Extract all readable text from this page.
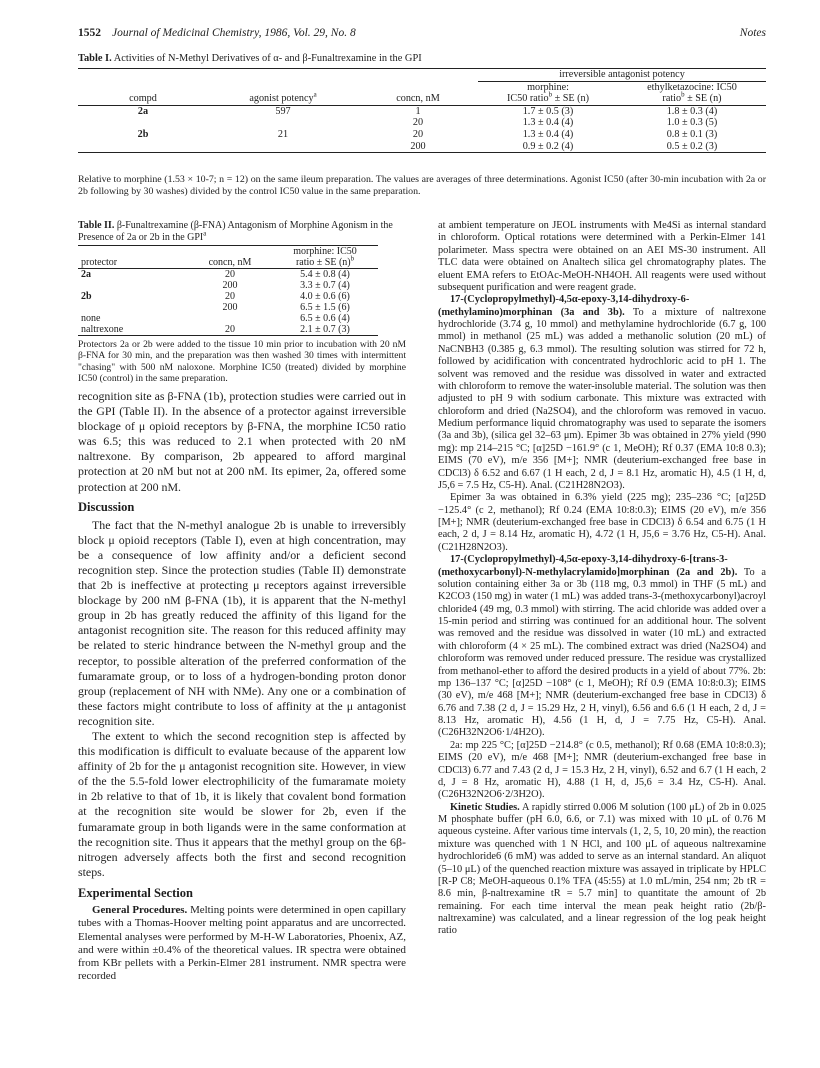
1552 Journal of Medicinal Chemistry, 1986, Vol. 29, No. 8	Notes
Table I. Activities of N-Methyl Derivatives of α- and β-Funaltrexamine in the GPI
			irreversible antagonist potency	
			morphine:	ethylketazocine: IC50
compd	agonist potency$^a$	concn, nM	IC50 ratio$^b$ ± SE (n)	ratio$^b$ ± SE (n)
2a	597	1	1.7 ± 0.5 (3)	1.8 ± 0.3 (4)
		20	1.3 ± 0.4 (4)	1.0 ± 0.3 (5)
2b	21	20	1.3 ± 0.4 (4)	0.8 ± 0.1 (3)
		200	0.9 ± 0.2 (4)	0.5 ± 0.2 (3)
Relative to morphine (1.53 × 10-7; n = 12) on the same ileum preparation. The values are averages of three determinations. Agonist IC50 (after 30-min incubation with 2a or 2b following by 30 washes) divided by the control IC50 value in the same preparation.
Table II. β-Funaltrexamine (β-FNA) Antagonism of Morphine Agonism in the Presence of 2a or 2b in the GPI$^a$
		morphine: IC50
protector	concn, nM	ratio ± SE $(n)^b$
2a	20	5.4 ± 0.8 (4)
	200	3.3 ± 0.7 (4)
2b	20	4.0 ± 0.6 (6)
	200	6.5 ± 1.5 (6)
none		6.5 ± 0.6 (4)
naltrexone	20	2.1 ± 0.7 (3)
Protectors 2a or 2b were added to the tissue 10 min prior to incubation with 20 nM β-FNA for 30 min, and the preparation was then washed 30 times with intermittent "chasing" with 500 nM naloxone. Morphine IC50 (treated) divided by morphine IC50 (control) in the same preparation.

recognition site as β-FNA (1b), protection studies were carried out in the GPI (Table II). In the absence of a protector against irreversible blockage of μ opioid receptors by β-FNA, the morphine IC50 ratio was 6.5; this was reduced to 2.1 when protected with 20 nM naltrexone. By comparison, 2b appeared to afford marginal protection at 20 nM but not at 200 nM. Its epimer, 2a, offered some protection at 200 nM.

Discussion

The fact that the N-methyl analogue 2b is unable to irreversibly block μ opioid receptors (Table I), even at high concentration, may be a consequence of low affinity and/or a deficient second recognition step. Since the protection studies (Table II) demonstrate that 2b is ineffective at protecting μ receptors against irreversible blockage by 200 nM β-FNA (1b), it is apparent that the N-methyl group in 2b has greatly reduced the affinity of this ligand for the antagonist recognition site. The reason for this reduced affinity may be related to steric hindrance between the N-methyl group and the receptor, to possible alteration of the preferred conformation of the fumaramate group, or to loss of a hydrogen-bonding proton donor group (replacement of NH with NMe). Any one or a combination of these factors might contribute to loss of affinity at the μ antagonist recognition site.

The extent to which the second recognition step is affected by this modification is difficult to evaluate because of the apparent low affinity of 2b for the μ antagonist recognition site. However, in view of the the 5.5-fold lower electrophilicity of the fumaramate moiety in 2b relative to that of 1b, it is likely that covalent bond formation at the recognition site would be slower for 2b, even if the fumaramate group in both ligands were in the same conformation at the recognition site. Thus it appears that the methyl group on the 6β-nitrogen adversely affects both the first and second recognition steps.

Experimental Section

General Procedures. Melting points were determined in open capillary tubes with a Thomas-Hoover melting point apparatus and are uncorrected. Elemental analyses were performed by M-H-W Laboratories, Phoenix, AZ, and were within ±0.4% of the theoretical values. IR spectra were obtained from KBr pellets with a Perkin-Elmer 281 instrument. NMR spectra were recorded

at ambient temperature on JEOL instruments with Me4Si as internal standard in chloroform. Optical rotations were determined with a Perkin-Elmer 141 polarimeter. Mass spectra were obtained on an AEI MS-30 instrument. All TLC data were obtained on Analtech silica gel chromatography plates. The eluent EMA refers to EtOAc-MeOH-NH4OH. All reagents were used without subsequent purification and were reagent grade.

17-(Cyclopropylmethyl)-4,5α-epoxy-3,14-dihydroxy-6-(methylamino)morphinan (3a and 3b). To a mixture of naltrexone hydrochloride (3.74 g, 10 mmol) and methylamine hydrochloride (6.7 g, 100 mmol) in methanol (25 mL) was added a methanolic solution (20 mL) of NaCNBH3 (0.385 g, 6.3 mmol). The resulting solution was stirred for 72 h, followed by acidification with concentrated hydrochloric acid to pH 1. The solvent was removed and the residue was dissolved in water and extracted with chloroform to remove the water-insoluble material. The solution was then adjusted to pH 9 with sodium carbonate. This mixture was extracted with chloroform and dried (Na2SO4), and the chloroform was removed in vacuo. Medium performance liquid chromatography was used to separate the isomers (3a and 3b), (silica gel 32–63 μm). Epimer 3b was obtained in 27% yield (990 mg): mp 214–215 °C; [α]25D −161.9° (c 1, MeOH); Rf 0.37 (EMA 10:8 0.3); EIMS (70 eV), m/e 356 [M+]; NMR (deuterium-exchanged free base in CDCl3) δ 6.52 and 6.67 (1 H each, 2 d, J = 8.1 Hz, aromatic H), 4.5 (1 H, d, J5,6 = 7.5 Hz, C5-H). Anal. (C21H28N2O3).

Epimer 3a was obtained in 6.3% yield (225 mg); 235–236 °C; [α]25D −125.4° (c 2, methanol); Rf 0.24 (EMA 10:8:0.3); EIMS (20 eV), m/e 356 [M+]; NMR (deuterium-exchanged free base in CDCl3) δ 6.54 and 6.75 (1 H each, 2 d, J = 8.14 Hz, aromatic H), 4.72 (1 H, J5,6 = 3.76 Hz, C5-H). Anal. (C21H28N2O3).

17-(Cyclopropylmethyl)-4,5α-epoxy-3,14-dihydroxy-6-[trans-3-(methoxycarbonyl)-N-methylacrylamido]morphinan (2a and 2b). To a solution containing either 3a or 3b (118 mg, 0.3 mmol) in THF (5 mL) and K2CO3 (150 mg) in water (1 mL) was added trans-3-(methoxycarbonyl)acroyl chloride4 (49 mg, 0.3 mmol) with stirring. The acid chloride was added over a 15-min period and stirring was continued for an additional hour. The solvent was removed and the residue was dissolved in water (10 mL) and extracted with chloroform (4 × 25 mL). The combined extract was dried (Na2SO4) and chloroform was removed under reduced pressure. The residue was crystallized from methanol-ether to afford the desired products in a yield of about 77%. 2b: mp 136–137 °C; [α]25D −108° (c 1, MeOH); Rf 0.9 (EMA 10:8:0.3); EIMS (30 eV), m/e 468 [M+]; NMR (deuterium-exchanged free base in CDCl3) δ 6.76 and 7.38 (2 d, J = 15.29 Hz, 2 H, vinyl), 6.56 and 6.6 (1 H each, 2 d, J = 8.13 Hz, aromatic H), 4.56 (1 H, d, J = 7.75 Hz, C5-H). Anal. (C26H32N2O6·1/4H2O).

2a: mp 225 °C; [α]25D −214.8° (c 0.5, methanol); Rf 0.68 (EMA 10:8:0.3); EIMS (20 eV), m/e 468 [M+]; NMR (deuterium-exchanged free base in CDCl3) 6.77 and 7.43 (2 d, J = 15.3 Hz, 2 H, vinyl), 6.52 and 6.7 (1 H each, 2 d, J = 8 Hz, aromatic H), 4.88 (1 H, d, J5,6 = 3.4 Hz, C5-H). Anal. (C26H32N2O6·2/3H2O).

Kinetic Studies. A rapidly stirred 0.006 M solution (100 μL) of 2b in 0.025 M phosphate buffer (pH 6.0, 6.6, or 7.1) was mixed with 10 μL of 0.76 M aqueous cysteine. After various time intervals (1, 2, 5, 10, 20 min), the reaction mixture was quenched with 1 N HCl, and 100 μL of aqueous naltrexamine hydrochloride6 (6 mM) was added to serve as an internal standard. An aliquot (5–10 μL) of the quenched reaction mixture was assayed in triplicate by HPLC [R-P C8; MeOH-aqueous 0.1% TFA (45:55) at 1.0 mL/min, 254 nm; 2b tR = 8.6 min, β-naltrexamine tR = 5.7 min] to quantitate the amount of 2b remaining. For each time interval the mean peak height ratio (2b/β-naltrexamine) was calculated, and a linear regression of the log peak height ratio
